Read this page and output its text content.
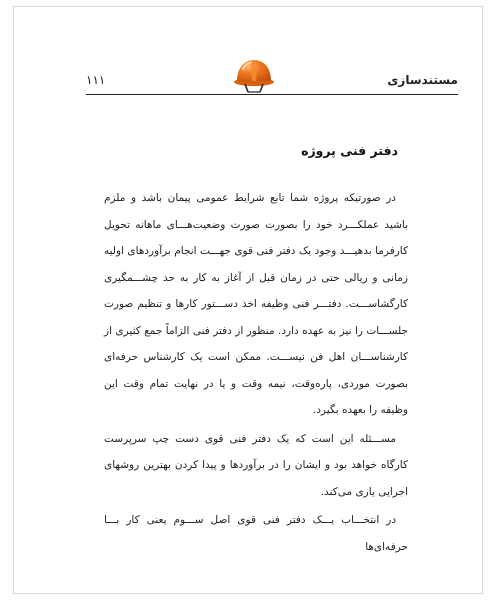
۱۱۱	مستندسازی
دفتر فنی پروژه

در صورتیکه پروژه شما تابع شرایط عمومی پیمان باشد و ملزم باشید عملکـــرد خود را بصورت صورت وضعیت‌هـــای ماهانه تحویل کارفرما بدهیـــد وجود یک دفتر فنی قوی جهـــت انجام برآوردهای اولیه زمانی و ریالی حتی در زمان قبل از آغاز به کار به حد چشـــمگیری کارگشاســـت. دفتـــر فنی وظیفه اخذ دســـتور کارها و تنظیم صورت جلســـات را نیز به عهده دارد. منظور از دفتر فنی الزاماً جمع کثیری از کارشناســـان اهل فن نیســـت. ممکن است یک کارشناس حرفه‌ای بصورت موردی، پاره‌وقت، نیمه وقت و یا در نهایت تمام وقت این وظیفه را بعهده بگیرد.

مســـئله این است که یک دفتر فنی قوی دست چپ سرپرست کارگاه خواهد بود و ایشان را در برآوردها و پیدا کردن بهترین روشهای اجرایی یاری می‌کند.

در انتخـــاب یـــک دفتر فنی قوی اصل ســـوم یعنی کار بـــا حرفه‌ای‌ها
